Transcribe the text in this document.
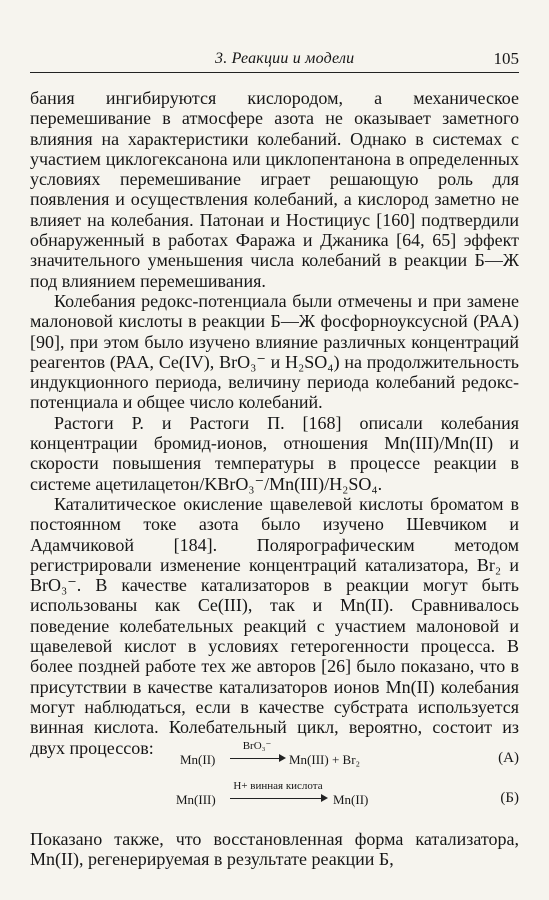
3. Реакции и модели	105

бания ингибируются кислородом, а механическое перемешивание в атмосфере азота не оказывает заметного влияния на характеристики колебаний. Однако в системах с участием циклогексанона или циклопентанона в определенных условиях перемешивание играет решающую роль для появления и осуществления колебаний, а кислород заметно не влияет на колебания. Патонаи и Ностициус [160] подтвердили обнаруженный в работах Фаража и Джаника [64, 65] эффект значительного уменьшения числа колебаний в реакции Б—Ж под влиянием перемешивания.

Колебания редокс-потенциала были отмечены и при замене малоновой кислоты в реакции Б—Ж фосфорноуксусной (РАА) [90], при этом было изучено влияние различных концентраций реагентов (РАА, Ce(IV), BrO₃⁻ и H₂SO₄) на продолжительность индукционного периода, величину периода колебаний редокс-потенциала и общее число колебаний.

Растоги Р. и Растоги П. [168] описали колебания концентрации бромид-ионов, отношения Mn(III)/Mn(II) и скорости повышения температуры в процессе реакции в системе ацетилацетон/KBrO₃⁻/Mn(III)/H₂SO₄.

Каталитическое окисление щавелевой кислоты броматом в постоянном токе азота было изучено Шевчиком и Адамчиковой [184]. Полярографическим методом регистрировали изменение концентраций катализатора, Br₂ и BrO₃⁻. В качестве катализаторов в реакции могут быть использованы как Ce(III), так и Mn(II). Сравнивалось поведение колебательных реакций с участием малоновой и щавелевой кислот в условиях гетерогенности процесса. В более поздней работе тех же авторов [26] было показано, что в присутствии в качестве катализаторов ионов Mn(II) колебания могут наблюдаться, если в качестве субстрата используется винная кислота. Колебательный цикл, вероятно, состоит из двух процессов:

Mn(II)
BrO₃⁻
Mn(III) + Br₂	(A)
Mn(III)
H+ винная кислота
Mn(II)	(Б)
Показано также, что восстановленная форма катализатора, Mn(II), регенерируемая в результате реакции Б,
